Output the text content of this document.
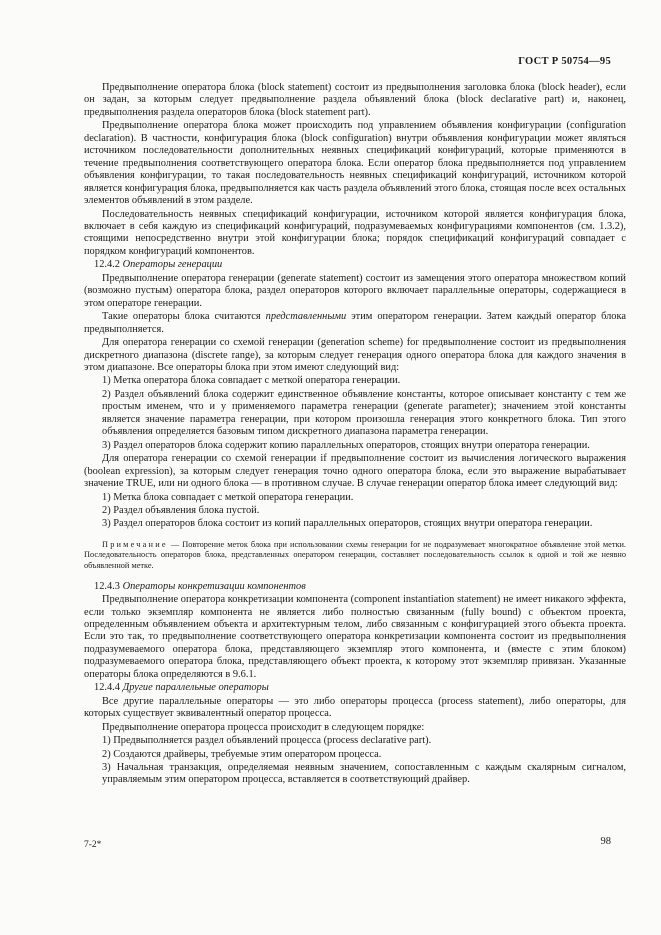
ГОСТ Р 50754—95

Предвыполнение оператора блока (block statement) состоит из предвыполнения заголовка блока (block header), если он задан, за которым следует предвыполнение раздела объявлений блока (block declarative part) и, наконец, предвыполнения раздела операторов блока (block statement part).

Предвыполнение оператора блока может происходить под управлением объявления конфигурации (configuration declaration). В частности, конфигурация блока (block configuration) внутри объявления конфигурации может являться источником последовательности дополнительных неявных спецификаций конфигураций, которые применяются в течение предвыполнения соответствующего оператора блока. Если оператор блока предвыполняется под управлением объявления конфигурации, то такая последовательность неявных спецификаций конфигураций, источником которой является конфигурация блока, предвыполняется как часть раздела объявлений этого блока, стоящая после всех остальных элементов объявлений в этом разделе.

Последовательность неявных спецификаций конфигурации, источником которой является конфигурация блока, включает в себя каждую из спецификаций конфигураций, подразумеваемых конфигурациями компонентов (см. 1.3.2), стоящими непосредственно внутри этой конфигурации блока; порядок спецификаций конфигураций совпадает с порядком конфигураций компонентов.

12.4.2 Операторы генерации

Предвыполнение оператора генерации (generate statement) состоит из замещения этого оператора множеством копий (возможно пустым) оператора блока, раздел операторов которого включает параллельные операторы, содержащиеся в этом операторе генерации.

Такие операторы блока считаются представленными этим оператором генерации. Затем каждый оператор блока предвыполняется.

Для оператора генерации со схемой генерации (generation scheme) for предвыполнение состоит из предвыполнения дискретного диапазона (discrete range), за которым следует генерация одного оператора блока для каждого значения в этом диапазоне. Все операторы блока при этом имеют следующий вид:

1) Метка оператора блока совпадает с меткой оператора генерации.

2) Раздел объявлений блока содержит единственное объявление константы, которое описывает константу с тем же простым именем, что и у применяемого параметра генерации (generate parameter); значением этой константы является значение параметра генерации, при котором произошла генерация этого конкретного блока. Тип этого объявления определяется базовым типом дискретного диапазона параметра генерации.

3) Раздел операторов блока содержит копию параллельных операторов, стоящих внутри оператора генерации.

Для оператора генерации со схемой генерации if предвыполнение состоит из вычисления логического выражения (boolean expression), за которым следует генерация точно одного оператора блока, если это выражение вырабатывает значение TRUE, или ни одного блока — в противном случае. В случае генерации оператор блока имеет следующий вид:

1) Метка блока совпадает с меткой оператора генерации.

2) Раздел объявления блока пустой.

3) Раздел операторов блока состоит из копий параллельных операторов, стоящих внутри оператора генерации.

Примечание — Повторение меток блока при использовании схемы генерации for не подразумевает многократное объявление этой метки. Последовательность операторов блока, представленных оператором генерации, составляет последовательность ссылок к одной и той же неявно объявленной метке.

12.4.3 Операторы конкретизации компонентов

Предвыполнение оператора конкретизации компонента (component instantiation statement) не имеет никакого эффекта, если только экземпляр компонента не является либо полностью связанным (fully bound) с объектом проекта, определенным объявлением объекта и архитектурным телом, либо связанным с конфигурацией этого объекта проекта. Если это так, то предвыполнение соответствующего оператора конкретизации компонента состоит из предвыполнения подразумеваемого оператора блока, представляющего экземпляр этого компонента, и (вместе с этим блоком) подразумеваемого оператора блока, представляющего объект проекта, к которому этот экземпляр привязан. Указанные операторы блока определяются в 9.6.1.

12.4.4 Другие параллельные операторы

Все другие параллельные операторы — это либо операторы процесса (process statement), либо операторы, для которых существует эквивалентный оператор процесса.

Предвыполнение оператора процесса происходит в следующем порядке:

1) Предвыполняется раздел объявлений процесса (process declarative part).

2) Создаются драйверы, требуемые этим оператором процесса.

3) Начальная транзакция, определяемая неявным значением, сопоставленным с каждым скалярным сигналом, управляемым этим оператором процесса, вставляется в соответствующий драйвер.

7-2*	98
